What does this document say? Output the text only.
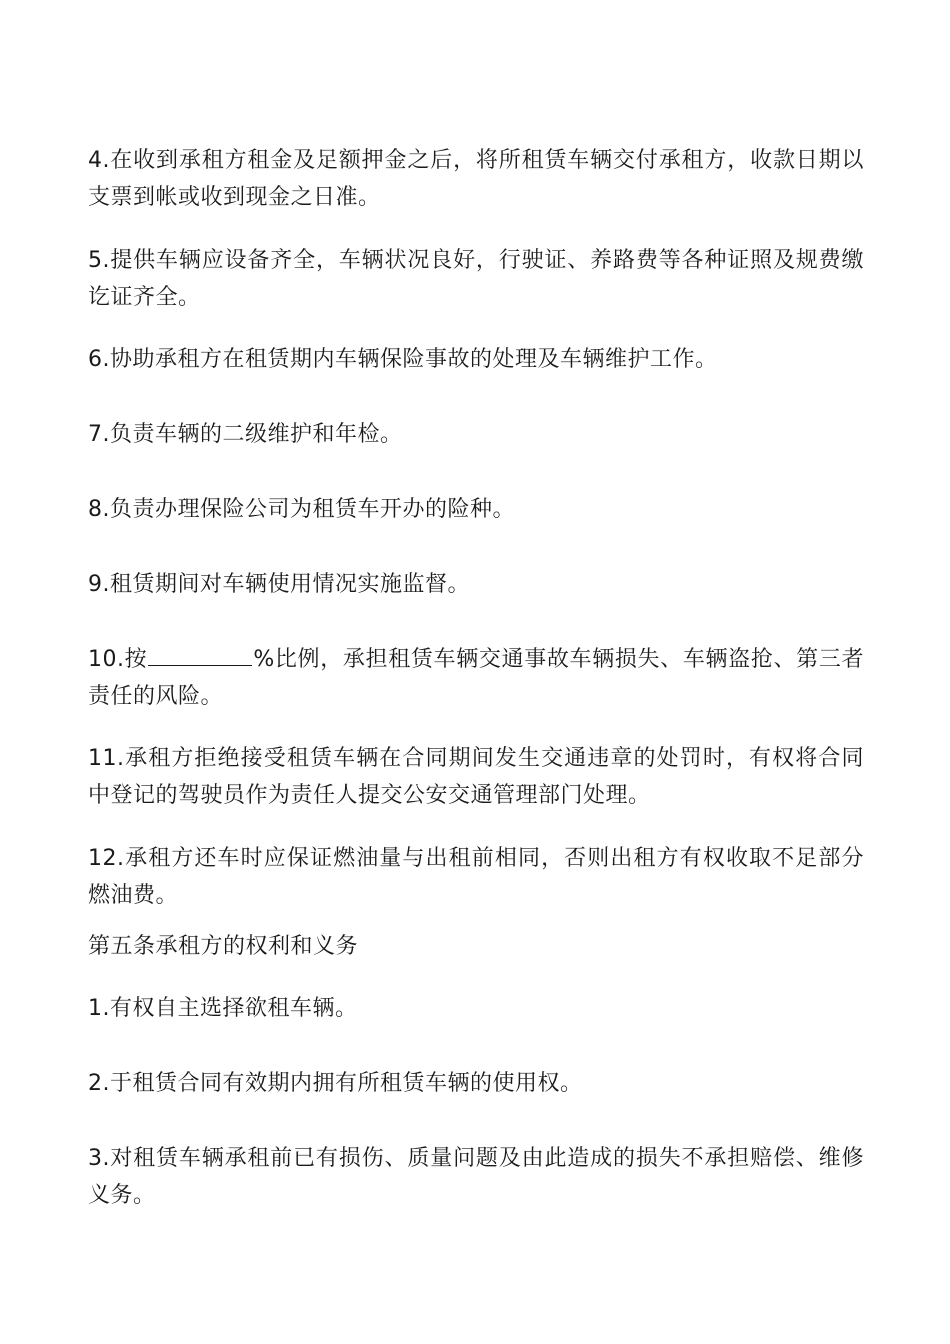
4.在收到承租方租金及足额押金之后，将所租赁车辆交付承租方，收款日期以支票到帐或收到现金之日准。

5.提供车辆应设备齐全，车辆状况良好，行驶证、养路费等各种证照及规费缴讫证齐全。

6.协助承租方在租赁期内车辆保险事故的处理及车辆维护工作。

7.负责车辆的二级维护和年检。

8.负责办理保险公司为租赁车开办的险种。

9.租赁期间对车辆使用情况实施监督。

10.按	%比例，承担租赁车辆交通事故车辆损失、车辆盗抢、第三者责任的风险。

11.承租方拒绝接受租赁车辆在合同期间发生交通违章的处罚时，有权将合同中登记的驾驶员作为责任人提交公安交通管理部门处理。

12.承租方还车时应保证燃油量与出租前相同，否则出租方有权收取不足部分燃油费。

第五条承租方的权利和义务

1.有权自主选择欲租车辆。

2.于租赁合同有效期内拥有所租赁车辆的使用权。

3.对租赁车辆承租前已有损伤、质量问题及由此造成的损失不承担赔偿、维修义务。
